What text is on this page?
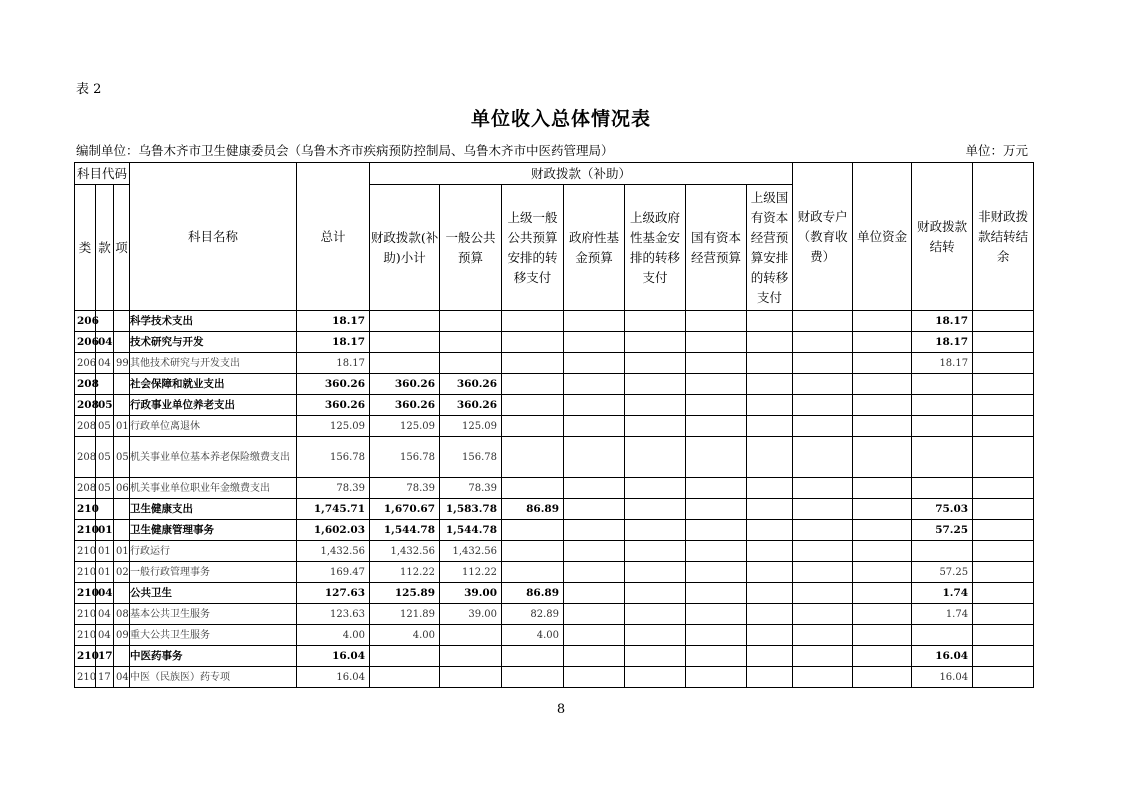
表 2
单位收入总体情况表
编制单位：乌鲁木齐市卫生健康委员会（乌鲁木齐市疾病预防控制局、乌鲁木齐市中医药管理局）	单位：万元
科目代码			科目名称	总计	财政拨款（补助）							财政专户（教育收费）	单位资金	财政拨款结转	非财政拨款结转结余
类	款	项			财政拨款(补助)小计	一般公共预算	上级一般公共预算安排的转移支付	政府性基金预算	上级政府性基金安排的转移支付	国有资本经营预算	上级国有资本经营预算安排的转移支付				
206			科学技术支出	18.17										18.17	
206	04		技术研究与开发	18.17										18.17	
206	04	99	其他技术研究与开发支出	18.17										18.17	
208			社会保障和就业支出	360.26	360.26	360.26									
208	05		行政事业单位养老支出	360.26	360.26	360.26									
208	05	01	行政单位离退休	125.09	125.09	125.09									
208	05	05	机关事业单位基本养老保险缴费支出	156.78	156.78	156.78									
208	05	06	机关事业单位职业年金缴费支出	78.39	78.39	78.39									
210			卫生健康支出	1,745.71	1,670.67	1,583.78	86.89							75.03	
210	01		卫生健康管理事务	1,602.03	1,544.78	1,544.78								57.25	
210	01	01	行政运行	1,432.56	1,432.56	1,432.56									
210	01	02	一般行政管理事务	169.47	112.22	112.22								57.25	
210	04		公共卫生	127.63	125.89	39.00	86.89							1.74	
210	04	08	基本公共卫生服务	123.63	121.89	39.00	82.89							1.74	
210	04	09	重大公共卫生服务	4.00	4.00		4.00								
210	17		中医药事务	16.04										16.04	
210	17	04	中医（民族医）药专项	16.04										16.04	
8
